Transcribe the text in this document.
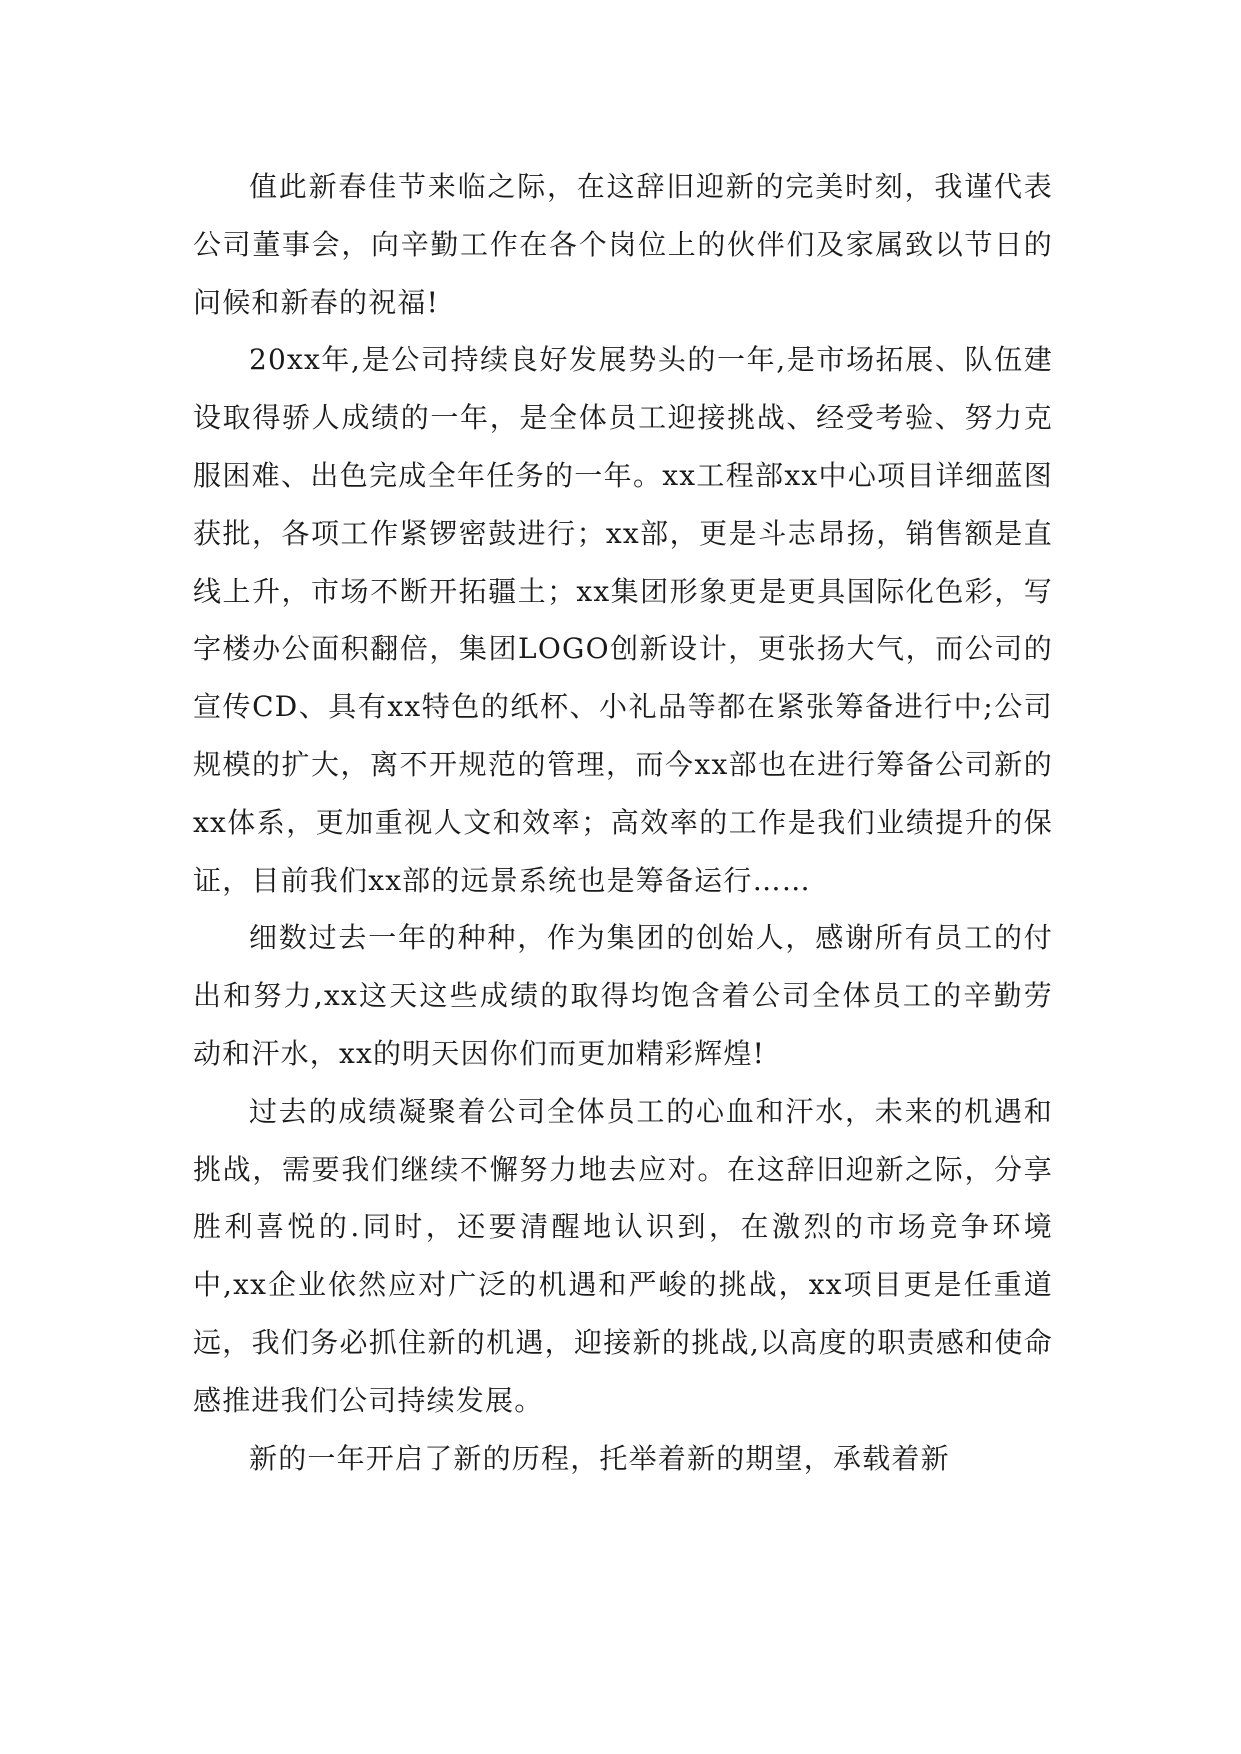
值此新春佳节来临之际，在这辞旧迎新的完美时刻，我谨代表公司董事会，向辛勤工作在各个岗位上的伙伴们及家属致以节日的问候和新春的祝福!

20xx年,是公司持续良好发展势头的一年,是市场拓展、队伍建设取得骄人成绩的一年，是全体员工迎接挑战、经受考验、努力克服困难、出色完成全年任务的一年。xx工程部xx中心项目详细蓝图获批，各项工作紧锣密鼓进行；xx部，更是斗志昂扬，销售额是直线上升，市场不断开拓疆土；xx集团形象更是更具国际化色彩，写字楼办公面积翻倍，集团LOGO创新设计，更张扬大气，而公司的宣传CD、具有xx特色的纸杯、小礼品等都在紧张筹备进行中;公司规模的扩大，离不开规范的管理，而今xx部也在进行筹备公司新的xx体系，更加重视人文和效率；高效率的工作是我们业绩提升的保证，目前我们xx部的远景系统也是筹备运行……

细数过去一年的种种，作为集团的创始人，感谢所有员工的付出和努力,xx这天这些成绩的取得均饱含着公司全体员工的辛勤劳动和汗水，xx的明天因你们而更加精彩辉煌!

过去的成绩凝聚着公司全体员工的心血和汗水，未来的机遇和挑战，需要我们继续不懈努力地去应对。在这辞旧迎新之际，分享胜利喜悦的.同时，还要清醒地认识到，在激烈的市场竞争环境中,xx企业依然应对广泛的机遇和严峻的挑战，xx项目更是任重道远，我们务必抓住新的机遇，迎接新的挑战,以高度的职责感和使命感推进我们公司持续发展。

新的一年开启了新的历程，托举着新的期望，承载着新
